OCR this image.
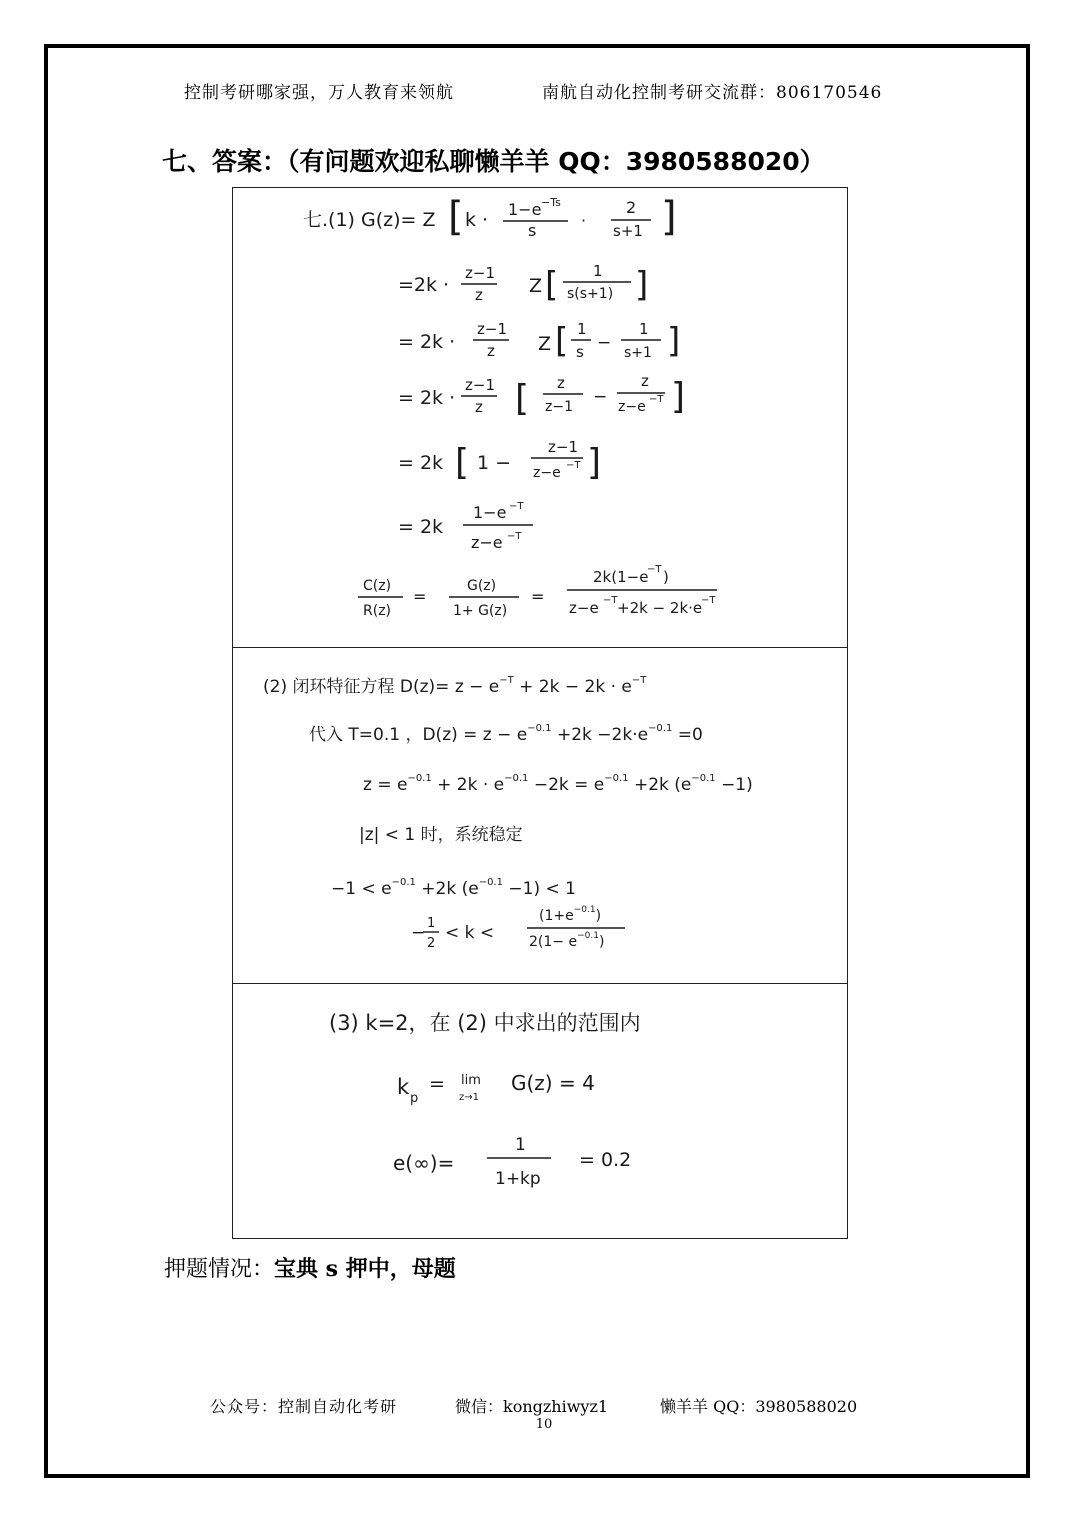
控制考研哪家强，万人教育来领航	南航自动化控制考研交流群：806170546
七、答案：（有问题欢迎私聊懒羊羊 QQ：3980588020）
七.(1) G(z)= Z [ k · 1−e −Ts
s
·
2
s+1 ]
=2k ·
z−1
z Z [ 1
s(s+1) ]
= 2k ·
z−1
z Z [ 1
s −
1
s+1 ]
= 2k ·
z−1
z [ z
z−1 −
z
z−e −T ]
= 2k [ 1 −
z−1
z−e −T ]
= 2k
1−e −T
z−e −T
C(z)
R(z)
=
G(z)
1+ G(z)
=
2k(1−e
−T )
z−e −T +2k − 2k·e
−T
(2) 闭环特征方程 $D(z)= z - e^{-T} + 2k - 2k \cdot e^{-T}$
代入 T=0.1 ，$D(z) = z - e^{-0.1} +2k -2k\cdot e^{-0.1} =0$
$z = e^{-0.1} + 2k \cdot e^{-0.1} -2k = e^{-0.1} +2k$ $(e^{-0.1} -1)$
|z| < 1 时，系统稳定
$-1 < e^{-0.1} +2k$ $(e^{-0.1} -1) < 1$
− 1
2
< k <
$(1+e^{-0.1})$
$2(1- e^{-0.1})$
(3) k=2，在 (2) 中求出的范围内
k p
= lim
z→1
G(z) = 4
e(∞)=
1
1+kp
= 0.2
押题情况：宝典 s 押中，母题
公众号：控制自动化考研	微信：kongzhiwyz1	懒羊羊 QQ：3980588020
10
